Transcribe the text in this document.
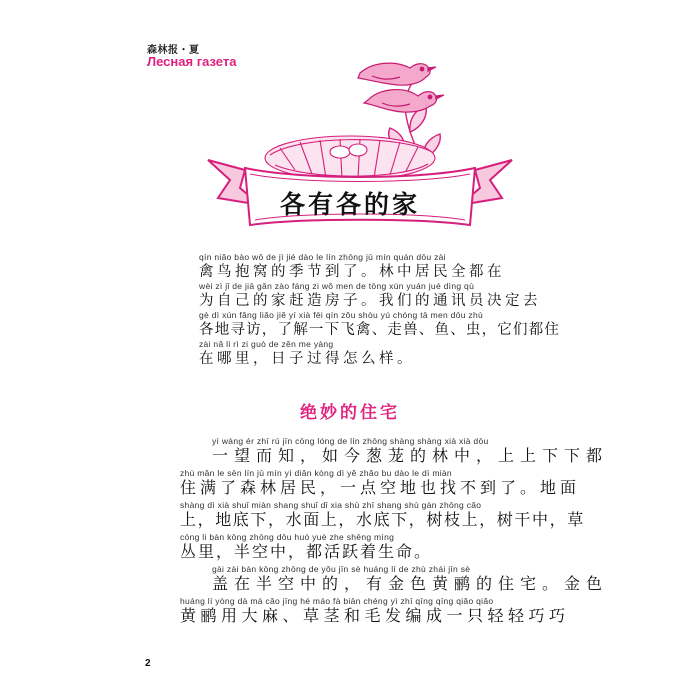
森林报・夏
Лесная газета
各有各的家
qín niǎo bào wō de jì jié dào le lín zhōng jū mín quán dōu zài
禽鸟抱窝的季节到了。林中居民全都在
wèi zì jǐ de jiā gǎn zào fáng zi wǒ men de tōng xùn yuán jué dìng qù
为自己的家赶造房子。我们的通讯员决定去
gè dì xún fǎng liǎo jiě yí xià fēi qín zǒu shòu yú chóng tā men dōu zhù
各地寻访，了解一下飞禽、走兽、鱼、虫，它们都住
zài nǎ li rì zi guò de zěn me yàng
在哪里，日子过得怎么样。
绝妙的住宅
yí wàng ér zhī rú jīn cōng lóng de lín zhōng shàng shàng xià xià dōu
一望而知，如今葱茏的林中，上上下下都
zhù mǎn le sēn lín jū mín yì diǎn kòng dì yě zhǎo bu dào le dì miàn
住满了森林居民，一点空地也找不到了。地面
shàng dì xià shuǐ miàn shang shuǐ dǐ xia shù zhī shang shù gàn zhōng cǎo
上，地底下，水面上，水底下，树枝上，树干中，草
cóng li bàn kōng zhōng dōu huó yuè zhe shēng mìng
丛里，半空中，都活跃着生命。
gài zài bàn kōng zhōng de yǒu jīn sè huáng lí de zhù zhái jīn sè
盖在半空中的，有金色黄鹂的住宅。金色
huáng lí yòng dà má cǎo jīng hé máo fà biān chéng yì zhī qīng qīng qiǎo qiǎo
黄鹂用大麻、草茎和毛发编成一只轻轻巧巧
2
